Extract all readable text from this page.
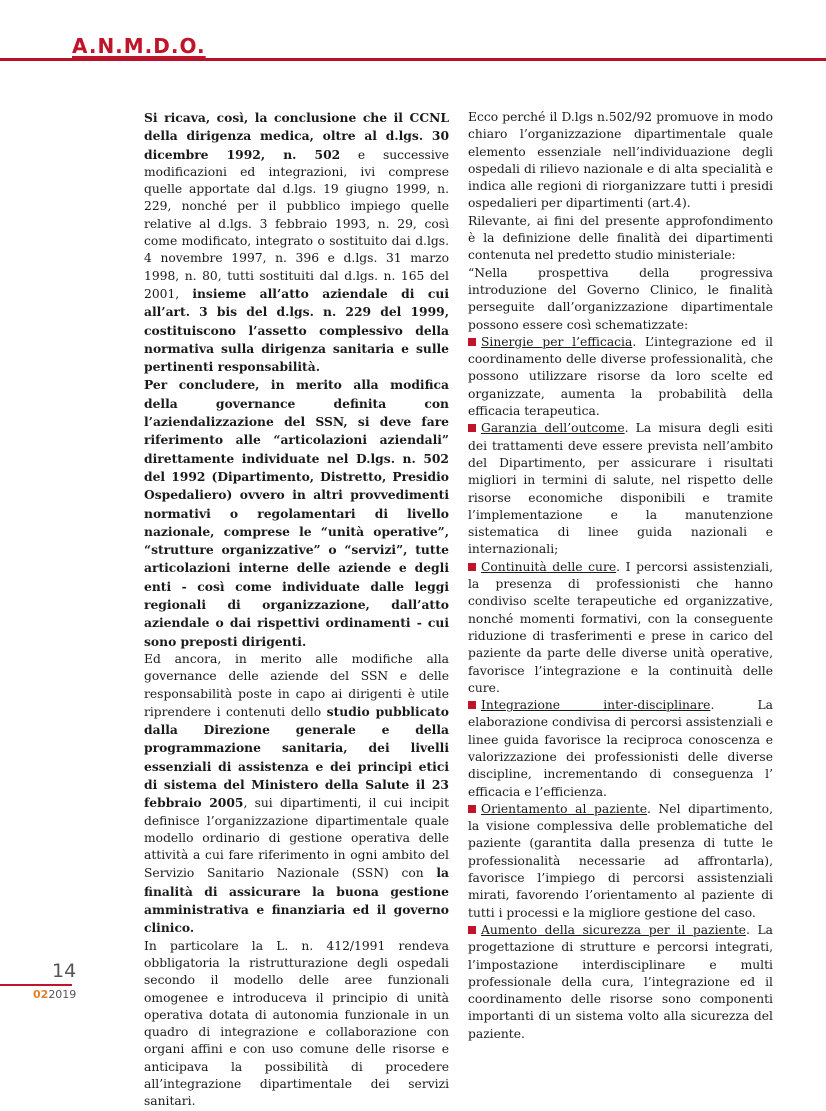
A.N.M.D.O.

Si ricava, così, la conclusione che il CCNL della dirigenza medica, oltre al d.lgs. 30 dicembre 1992, n. 502 e successive modificazioni ed integrazioni, ivi comprese quelle apportate dal d.lgs. 19 giugno 1999, n. 229, nonché per il pubblico impiego quelle relative al d.lgs. 3 febbraio 1993, n. 29, così come modificato, integrato o sostituito dai d.lgs. 4 novembre 1997, n. 396 e d.lgs. 31 marzo 1998, n. 80, tutti sostituiti dal d.lgs. n. 165 del 2001, insieme all’atto aziendale di cui all’art. 3 bis del d.lgs. n. 229 del 1999, costituiscono l’assetto complessivo della normativa sulla dirigenza sanitaria e sulle pertinenti responsabilità.

Per concludere, in merito alla modifica della governance definita con l’aziendalizzazione del SSN, si deve fare riferimento alle “articolazioni aziendali” direttamente individuate nel D.lgs. n. 502 del 1992 (Dipartimento, Distretto, Presidio Ospedaliero) ovvero in altri provvedimenti normativi o regolamentari di livello nazionale, comprese le “unità operative”, “strutture organizzative” o “servizi”, tutte articolazioni interne delle aziende e degli enti - così come individuate dalle leggi regionali di organizzazione, dall’atto aziendale o dai rispettivi ordinamenti - cui sono preposti dirigenti.

Ed ancora, in merito alle modifiche alla governance delle aziende del SSN e delle responsabilità poste in capo ai dirigenti è utile riprendere i contenuti dello studio pubblicato dalla Direzione generale e della programmazione sanitaria, dei livelli essenziali di assistenza e dei principi etici di sistema del Ministero della Salute il 23 febbraio 2005, sui dipartimenti, il cui incipit definisce l’organizzazione dipartimentale quale modello ordinario di gestione operativa delle attività a cui fare riferimento in ogni ambito del Servizio Sanitario Nazionale (SSN) con la finalità di assicurare la buona gestione amministrativa e finanziaria ed il governo clinico.

In particolare la L. n. 412/1991 rendeva obbligatoria la ristrutturazione degli ospedali secondo il modello delle aree funzionali omogenee e introduceva il principio di unità operativa dotata di autonomia funzionale in un quadro di integrazione e collaborazione con organi affini e con uso comune delle risorse e anticipava la possibilità di procedere all’integrazione dipartimentale dei servizi sanitari.

Ecco perché il D.lgs n.502/92 promuove in modo chiaro l’organizzazione dipartimentale quale elemento essenziale nell’individuazione degli ospedali di rilievo nazionale e di alta specialità e indica alle regioni di riorganizzare tutti i presidi ospedalieri per dipartimenti (art.4).

Rilevante, ai fini del presente approfondimento è la definizione delle finalità dei dipartimenti contenuta nel predetto studio ministeriale:

“Nella prospettiva della progressiva introduzione del Governo Clinico, le finalità perseguite dall’organizzazione dipartimentale possono essere così schematizzate:

Sinergie per l’efficacia. L’integrazione ed il coordinamento delle diverse professionalità, che possono utilizzare risorse da loro scelte ed organizzate, aumenta la probabilità della efficacia terapeutica.

Garanzia dell’outcome. La misura degli esiti dei trattamenti deve essere prevista nell’ambito del Dipartimento, per assicurare i risultati migliori in termini di salute, nel rispetto delle risorse economiche disponibili e tramite l’implementazione e la manutenzione sistematica di linee guida nazionali e internazionali;

Continuità delle cure. I percorsi assistenziali, la presenza di professionisti che hanno condiviso scelte terapeutiche ed organizzative, nonché momenti formativi, con la conseguente riduzione di trasferimenti e prese in carico del paziente da parte delle diverse unità operative, favorisce l’integrazione e la continuità delle cure.

Integrazione inter-disciplinare. La elaborazione condivisa di percorsi assistenziali e linee guida favorisce la reciproca conoscenza e valorizzazione dei professionisti delle diverse discipline, incrementando di conseguenza l’ efficacia e l’efficienza.

Orientamento al paziente. Nel dipartimento, la visione complessiva delle problematiche del paziente (garantita dalla presenza di tutte le professionalità necessarie ad affrontarla), favorisce l’impiego di percorsi assistenziali mirati, favorendo l’orientamento al paziente di tutti i processi e la migliore gestione del caso.

Aumento della sicurezza per il paziente. La progettazione di strutture e percorsi integrati, l’impostazione interdisciplinare e multi professionale della cura, l’integrazione ed il coordinamento delle risorse sono componenti importanti di un sistema volto alla sicurezza del paziente.

14
022019
